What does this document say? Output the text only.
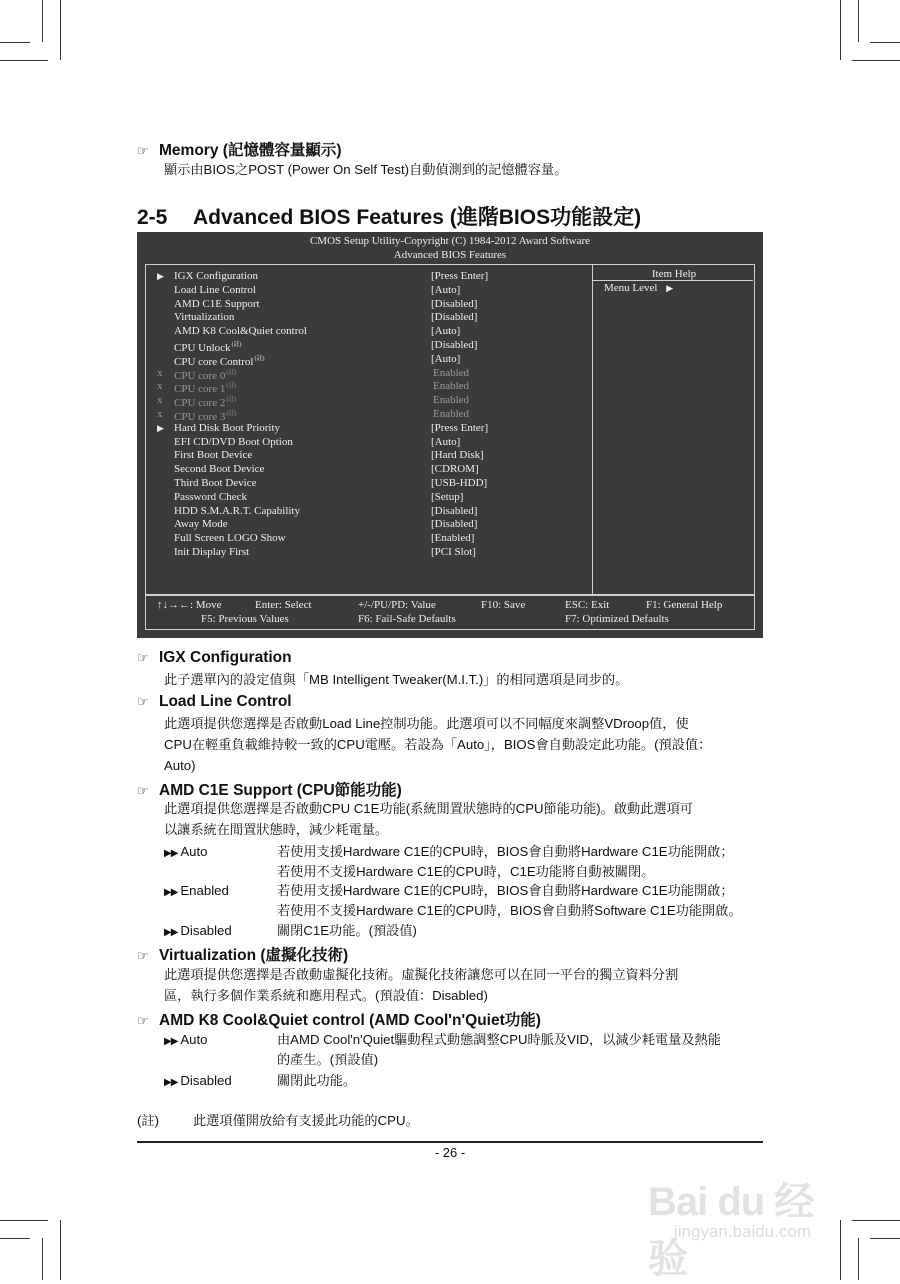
☞ Memory (記憶體容量顯示)
顯示由BIOS之POST (Power On Self Test)自動偵測到的記憶體容量。
2-5 Advanced BIOS Features (進階BIOS功能設定)
CMOS Setup Utility-Copyright (C) 1984-2012 Award Software
Advanced BIOS Features
▶ IGX Configuration	[Press Enter]
Load Line Control	[Auto]
AMD C1E Support	[Disabled]
Virtualization	[Disabled]
AMD K8 Cool&Quiet control	[Auto]
CPU Unlock$^{(註)}$	[Disabled]
CPU core Control$^{(註)}$	[Auto]
x	CPU core $0^{(註)}$	Enabled
x	CPU core $1^{(註)}$	Enabled
x	CPU core $2^{(註)}$	Enabled
x	CPU core $3^{(註)}$	Enabled
▶ Hard Disk Boot Priority	[Press Enter]
EFI CD/DVD Boot Option	[Auto]
First Boot Device	[Hard Disk]
Second Boot Device	[CDROM]
Third Boot Device	[USB-HDD]
Password Check	[Setup]
HDD S.M.A.R.T. Capability	[Disabled]
Away Mode	[Disabled]
Full Screen LOGO Show	[Enabled]
Init Display First	[PCI Slot]
Item Help
Menu Level ▶
↑↓→←: Move	Enter: Select	+/-/PU/PD: Value	F10: Save	ESC: Exit	F1: General Help
F5: Previous Values	F6: Fail-Safe Defaults	F7: Optimized Defaults
☞ IGX Configuration
此子選單內的設定值與「MB Intelligent Tweaker(M.I.T.)」的相同選項是同步的。
☞ Load Line Control
此選項提供您選擇是否啟動Load Line控制功能。此選項可以不同幅度來調整VDroop值，使
CPU在輕重負載維持較一致的CPU電壓。若設為「Auto」，BIOS會自動設定此功能。(預設值：
Auto)
☞ AMD C1E Support (CPU節能功能)
此選項提供您選擇是否啟動CPU C1E功能(系統閒置狀態時的CPU節能功能)。啟動此選項可
以讓系統在閒置狀態時，減少耗電量。
▶▶ Auto	若使用支援Hardware C1E的CPU時，BIOS會自動將Hardware C1E功能開啟；
若使用不支援Hardware C1E的CPU時，C1E功能將自動被關閉。
▶▶ Enabled	若使用支援Hardware C1E的CPU時，BIOS會自動將Hardware C1E功能開啟；
若使用不支援Hardware C1E的CPU時，BIOS會自動將Software C1E功能開啟。
▶▶ Disabled	關閉C1E功能。(預設值)
☞ Virtualization (虛擬化技術)
此選項提供您選擇是否啟動虛擬化技術。虛擬化技術讓您可以在同一平台的獨立資料分割
區，執行多個作業系統和應用程式。(預設值：Disabled)
☞ AMD K8 Cool&Quiet control (AMD Cool'n'Quiet功能)
▶▶ Auto	由AMD Cool'n'Quiet驅動程式動態調整CPU時脈及VID，以減少耗電量及熱能
的產生。(預設值)
▶▶ Disabled	關閉此功能。
(註)	此選項僅開放給有支援此功能的CPU。
- 26 -
Bai du 经验
jingyan.baidu.com
